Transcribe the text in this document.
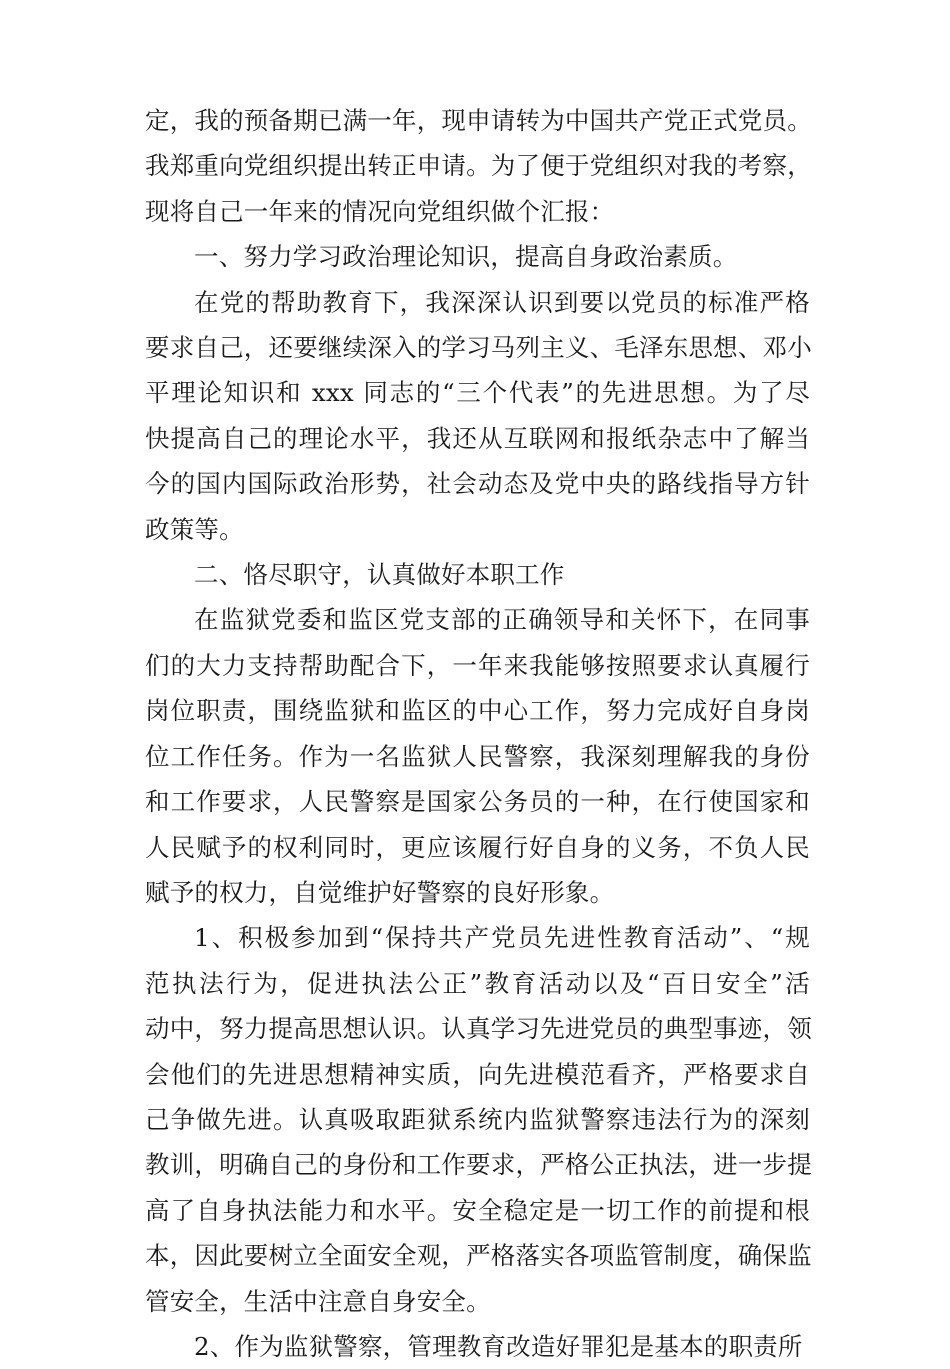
定，我的预备期已满一年，现申请转为中国共产党正式党员。
我郑重向党组织提出转正申请。为了便于党组织对我的考察，
现将自己一年来的情况向党组织做个汇报：
一、努力学习政治理论知识，提高自身政治素质。
在党的帮助教育下，我深深认识到要以党员的标准严格
要求自己，还要继续深入的学习马列主义、毛泽东思想、邓小
平理论知识和 xxx 同志的“三个代表”的先进思想。为了尽
快提高自己的理论水平，我还从互联网和报纸杂志中了解当
今的国内国际政治形势，社会动态及党中央的路线指导方针
政策等。
二、恪尽职守，认真做好本职工作
在监狱党委和监区党支部的正确领导和关怀下，在同事
们的大力支持帮助配合下，一年来我能够按照要求认真履行
岗位职责，围绕监狱和监区的中心工作，努力完成好自身岗
位工作任务。作为一名监狱人民警察，我深刻理解我的身份
和工作要求，人民警察是国家公务员的一种，在行使国家和
人民赋予的权利同时，更应该履行好自身的义务，不负人民
赋予的权力，自觉维护好警察的良好形象。
1、积极参加到“保持共产党员先进性教育活动”、“规
范执法行为，促进执法公正”教育活动以及“百日安全”活
动中，努力提高思想认识。认真学习先进党员的典型事迹，领
会他们的先进思想精神实质，向先进模范看齐，严格要求自
己争做先进。认真吸取距狱系统内监狱警察违法行为的深刻
教训，明确自己的身份和工作要求，严格公正执法，进一步提
高了自身执法能力和水平。安全稳定是一切工作的前提和根
本，因此要树立全面安全观，严格落实各项监管制度，确保监
管安全，生活中注意自身安全。
2、作为监狱警察，管理教育改造好罪犯是基本的职责所
